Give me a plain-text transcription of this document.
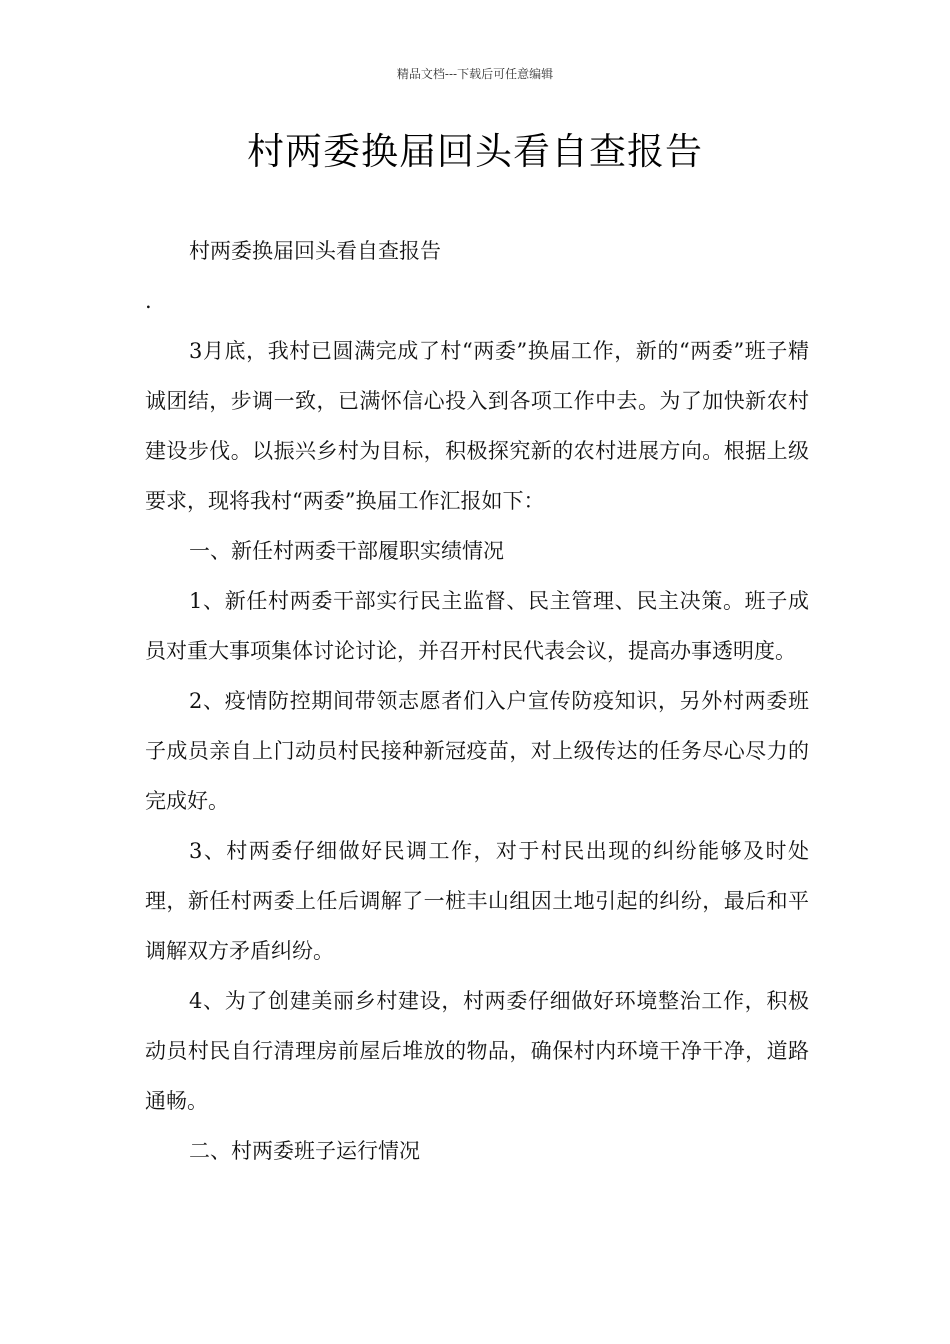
精品文档---下载后可任意编辑
村两委换届回头看自查报告

村两委换届回头看自查报告

.

3月底，我村已圆满完成了村“两委”换届工作，新的“两委”班子精诚团结，步调一致，已满怀信心投入到各项工作中去。为了加快新农村建设步伐。以振兴乡村为目标，积极探究新的农村进展方向。根据上级要求，现将我村“两委”换届工作汇报如下：

一、新任村两委干部履职实绩情况

1、新任村两委干部实行民主监督、民主管理、民主决策。班子成员对重大事项集体讨论讨论，并召开村民代表会议，提高办事透明度。

2、疫情防控期间带领志愿者们入户宣传防疫知识，另外村两委班子成员亲自上门动员村民接种新冠疫苗，对上级传达的任务尽心尽力的完成好。

3、村两委仔细做好民调工作，对于村民出现的纠纷能够及时处理，新任村两委上任后调解了一桩丰山组因土地引起的纠纷，最后和平调解双方矛盾纠纷。

4、为了创建美丽乡村建设，村两委仔细做好环境整治工作，积极动员村民自行清理房前屋后堆放的物品，确保村内环境干净干净，道路通畅。

二、村两委班子运行情况
